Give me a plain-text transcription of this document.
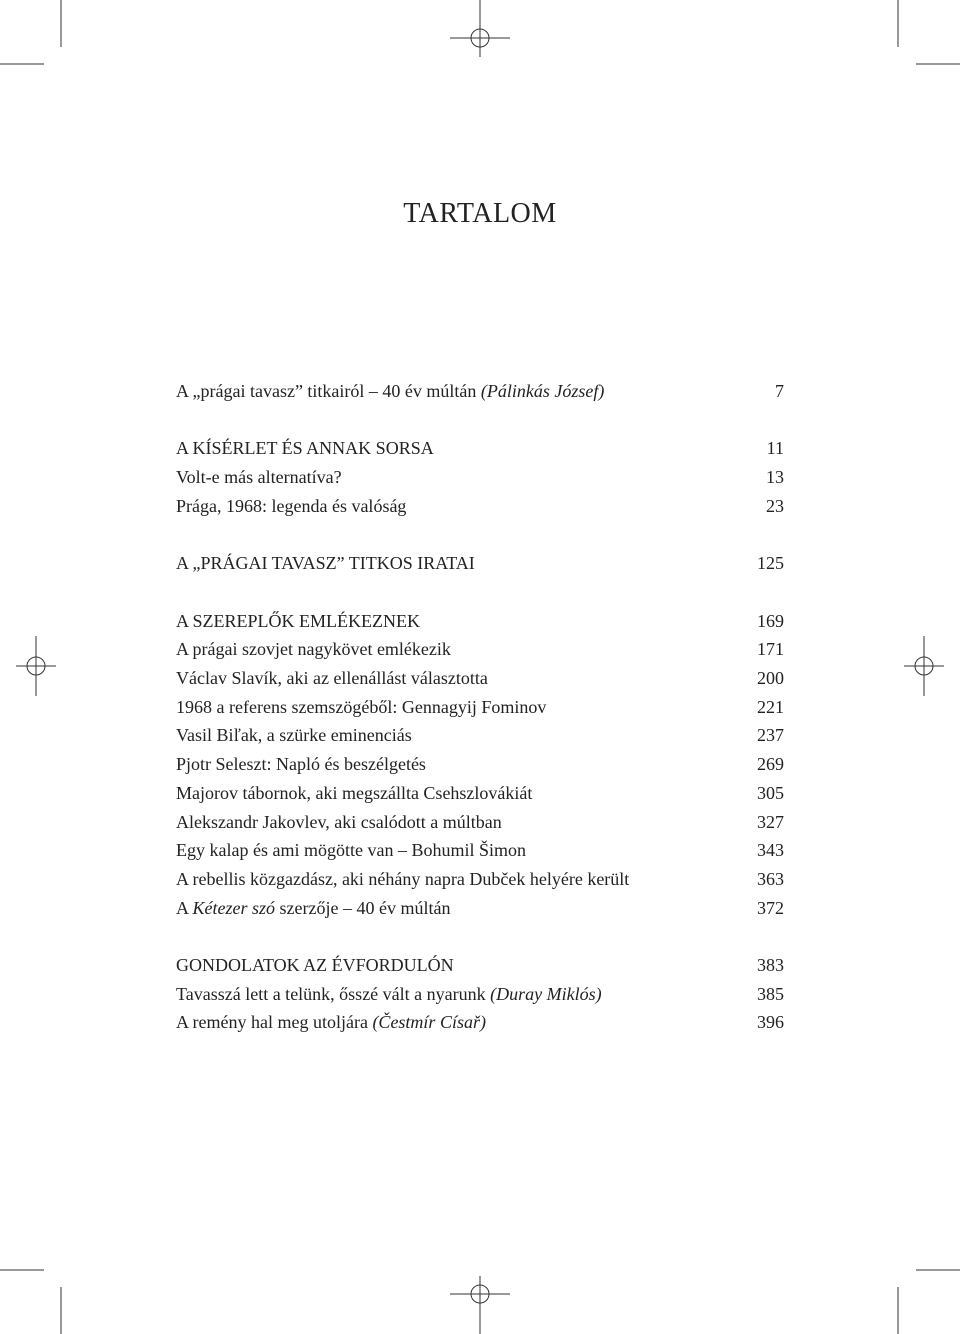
TARTALOM
A „prágai tavasz” titkairól – 40 év múltán (Pálinkás József)	7
A KÍSÉRLET ÉS ANNAK SORSA	11
Volt-e más alternatíva?	13
Prága, 1968: legenda és valóság	23
A „PRÁGAI TAVASZ” TITKOS IRATAI	125
A SZEREPLŐK EMLÉKEZNEK	169
A prágai szovjet nagykövet emlékezik	171
Václav Slavík, aki az ellenállást választotta	200
1968 a referens szemszögéből: Gennagyij Fominov	221
Vasil Biľak, a szürke eminenciás	237
Pjotr Seleszt: Napló és beszélgetés	269
Majorov tábornok, aki megszállta Csehszlovákiát	305
Alekszandr Jakovlev, aki csalódott a múltban	327
Egy kalap és ami mögötte van – Bohumil Šimon	343
A rebellis közgazdász, aki néhány napra Dubček helyére került	363
A Kétezer szó szerzője – 40 év múltán	372
GONDOLATOK AZ ÉVFORDULÓN	383
Tavasszá lett a telünk, ősszé vált a nyarunk (Duray Miklós)	385
A remény hal meg utoljára (Čestmír Císař)	396
